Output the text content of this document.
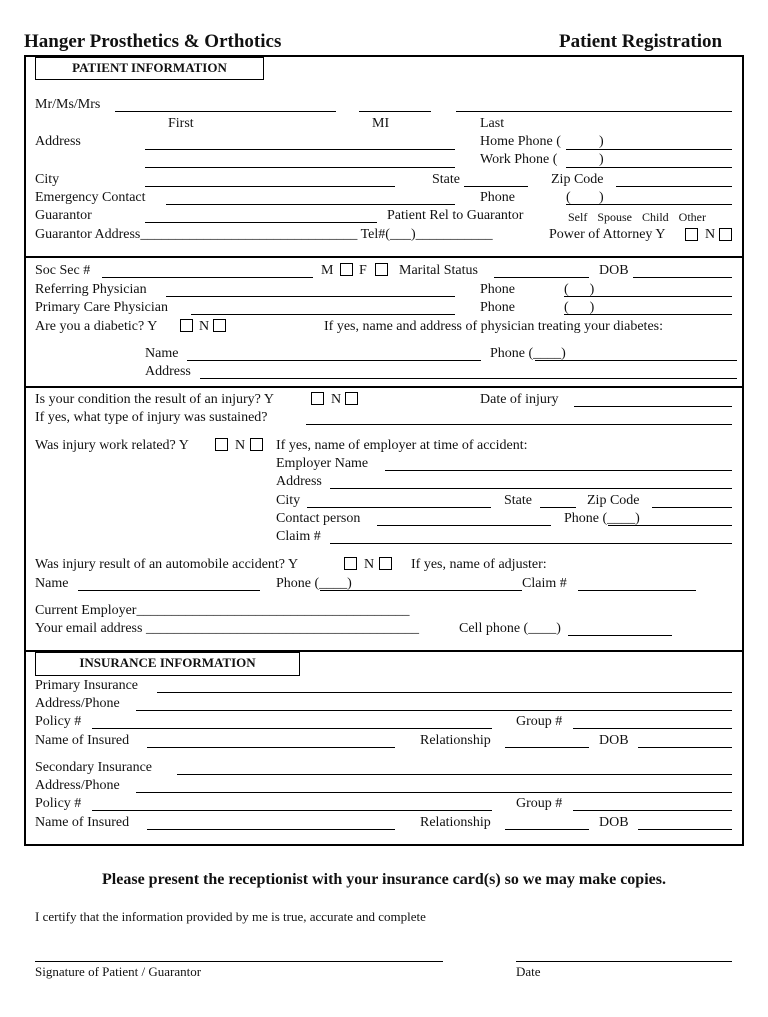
Hanger Prosthetics & Orthotics	Patient Registration
PATIENT INFORMATION
Mr/Ms/Mrs
First	MI	Last
Address	Home Phone (	)
Work Phone (	)
City	State	Zip Code
Emergency Contact	Phone	( )
Guarantor	Patient Rel to Guarantor	Self  Spouse  Child  Other
Guarantor Address_______________________________ Tel#(___)___________	Power of Attorney Y	N
Soc Sec #	M F Marital Status	DOB
Referring Physician	Phone	(      )
Primary Care Physician	Phone	(      )
Are you a diabetic? Y	N	If yes, name and address of physician treating your diabetes:
Name	Phone (____)
Address
Is your condition the result of an injury? Y	N	Date of injury
If yes, what type of injury was sustained?
Was injury work related? Y	N If yes, name of employer at time of accident:
Employer Name
Address
City	State	Zip Code
Contact person	Phone (____)
Claim #
Was injury result of an automobile accident? Y	N	If yes, name of adjuster:
Name	Phone (____)	Claim #
Current Employer_______________________________________
Your email address _______________________________________	Cell phone (____)
INSURANCE INFORMATION
Primary Insurance
Address/Phone
Policy #	Group #
Name of Insured	Relationship	DOB
Secondary Insurance
Address/Phone
Policy #	Group #
Name of Insured	Relationship	DOB
Please present the receptionist with your insurance card(s) so we may make copies.
I certify that the information provided by me is true, accurate and complete
Signature of Patient / Guarantor	Date
